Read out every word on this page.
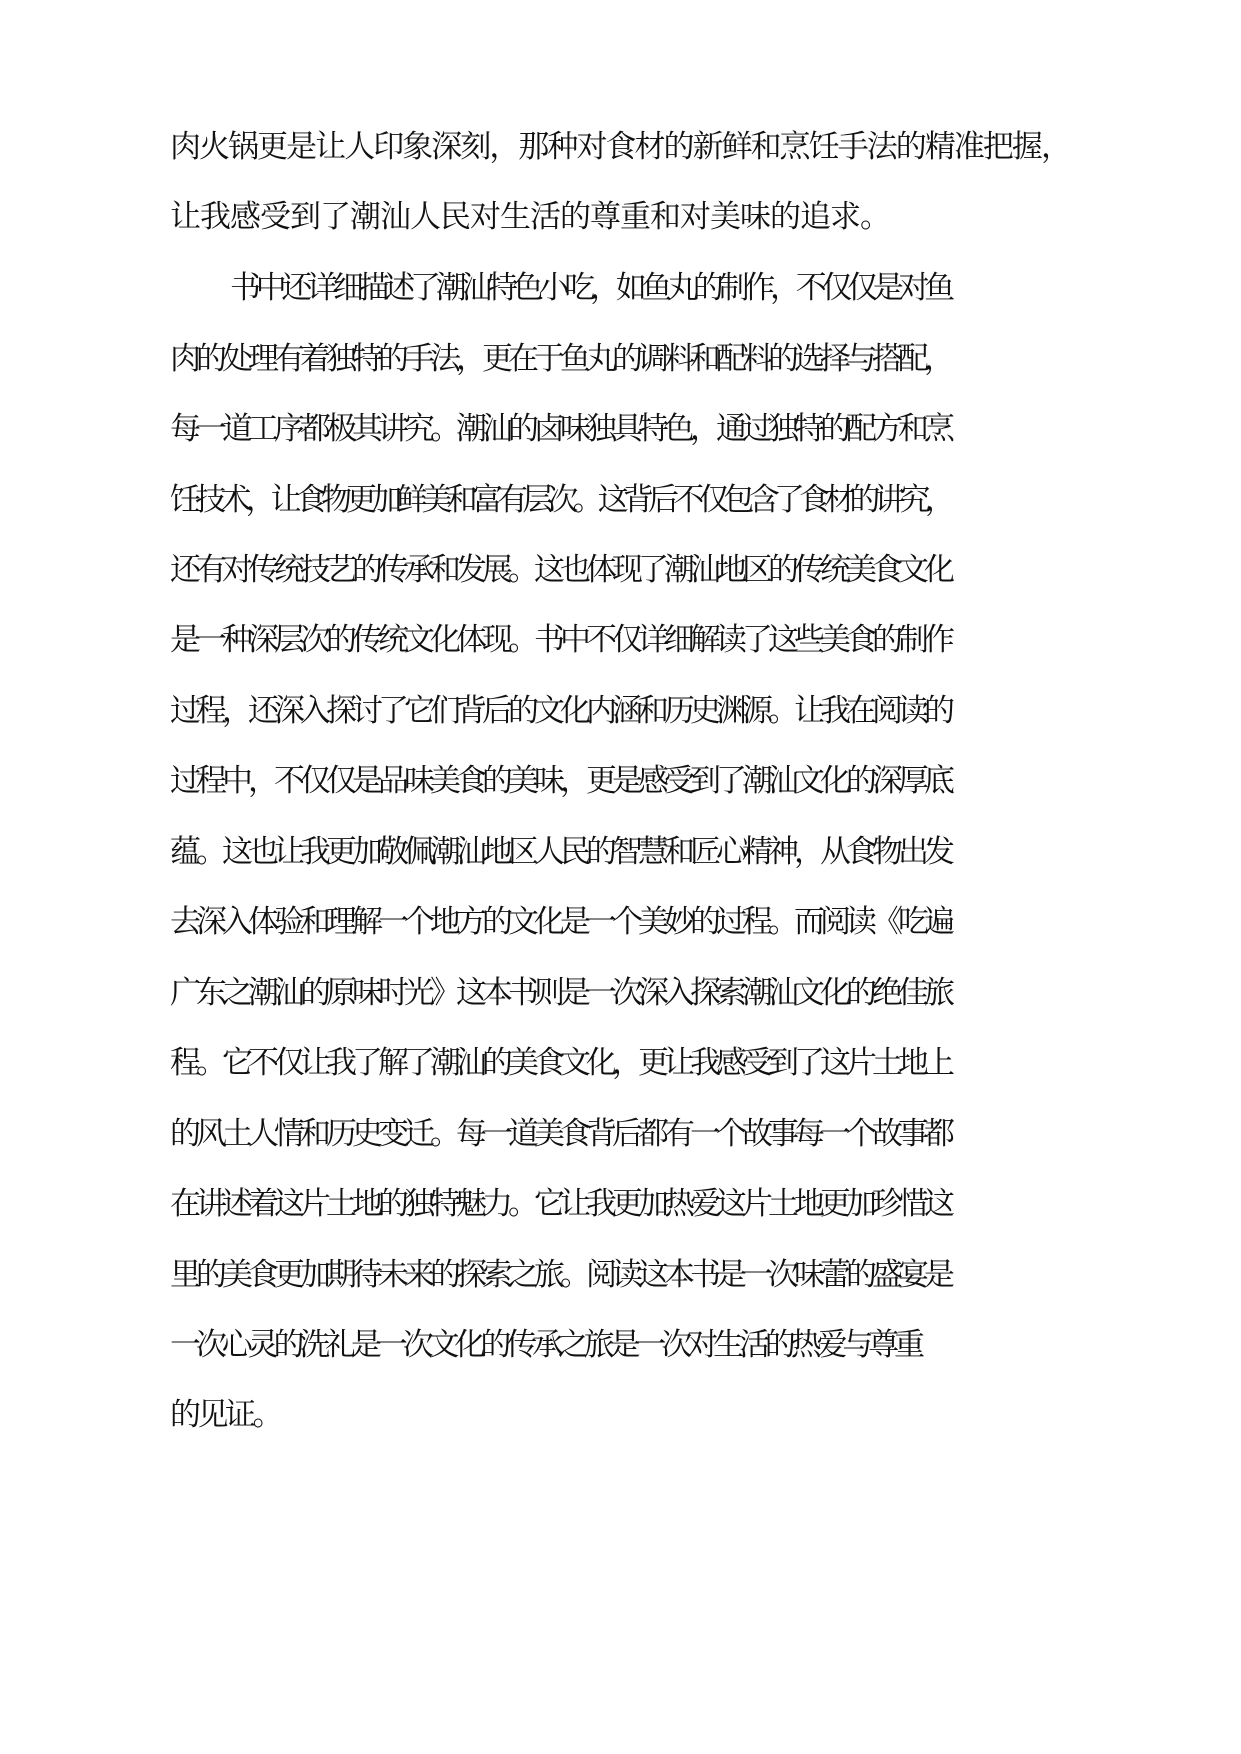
肉火锅更是让人印象深刻，那种对食材的新鲜和烹饪手法的精准把握，

让我感受到了潮汕人民对生活的尊重和对美味的追求。

书中还详细描述了潮汕特色小吃，如鱼丸的制作，不仅仅是对鱼

肉的处理有着独特的手法，更在于鱼丸的调料和配料的选择与搭配，

每一道工序都极其讲究。潮汕的卤味独具特色，通过独特的配方和烹

饪技术，让食物更加鲜美和富有层次。这背后不仅包含了食材的讲究，

还有对传统技艺的传承和发展。这也体现了潮汕地区的传统美食文化

是一种深层次的传统文化体现。书中不仅详细解读了这些美食的制作

过程，还深入探讨了它们背后的文化内涵和历史渊源。让我在阅读的

过程中，不仅仅是品味美食的美味，更是感受到了潮汕文化的深厚底

蕴。这也让我更加敬佩潮汕地区人民的智慧和匠心精神，从食物出发

去深入体验和理解一个地方的文化是一个美妙的过程。而阅读《吃遍

广东之潮汕的原味时光》这本书则是一次深入探索潮汕文化的绝佳旅

程。它不仅让我了解了潮汕的美食文化，更让我感受到了这片土地上

的风土人情和历史变迁。每一道美食背后都有一个故事每一个故事都

在讲述着这片土地的独特魅力。它让我更加热爱这片土地更加珍惜这

里的美食更加期待未来的探索之旅。阅读这本书是一次味蕾的盛宴是

一次心灵的洗礼是一次文化的传承之旅是一次对生活的热爱与尊重

的见证。
